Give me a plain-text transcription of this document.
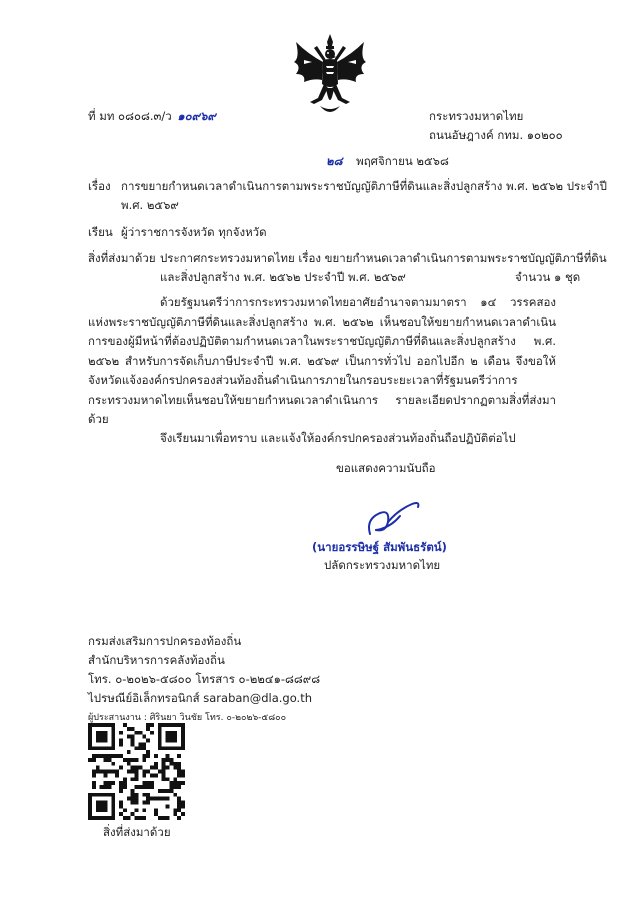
ที่ มท ๐๘๐๘.๓/ว ๑๐๙๖๙	กระทรวงมหาดไทย
ถนนอัษฎางค์ กทม. ๑๐๒๐๐
๒๘ พฤศจิกายน ๒๕๖๘
เรื่อง การขยายกำหนดเวลาดำเนินการตามพระราชบัญญัติภาษีที่ดินและสิ่งปลูกสร้าง พ.ศ. ๒๕๖๒ ประจำปี
พ.ศ. ๒๕๖๙
เรียน ผู้ว่าราชการจังหวัด ทุกจังหวัด
สิ่งที่ส่งมาด้วย ประกาศกระทรวงมหาดไทย เรื่อง ขยายกำหนดเวลาดำเนินการตามพระราชบัญญัติภาษีที่ดิน
และสิ่งปลูกสร้าง พ.ศ. ๒๕๖๒ ประจำปี พ.ศ. ๒๕๖๙	จำนวน ๑ ชุด
ด้วยรัฐมนตรีว่าการกระทรวงมหาดไทยอาศัยอำนาจตามมาตรา ๑๔ วรรคสอง แห่งพระราชบัญญัติภาษีที่ดินและสิ่งปลูกสร้าง พ.ศ. ๒๕๖๒ เห็นชอบให้ขยายกำหนดเวลาดำเนินการของผู้มีหน้าที่ต้องปฏิบัติตามกำหนดเวลาในพระราชบัญญัติภาษีที่ดินและสิ่งปลูกสร้าง พ.ศ. ๒๕๖๒ สำหรับการจัดเก็บภาษีประจำปี พ.ศ. ๒๕๖๙ เป็นการทั่วไป ออกไปอีก ๒ เดือน จึงขอให้จังหวัดแจ้งองค์กรปกครองส่วนท้องถิ่นดำเนินการภายในกรอบระยะเวลาที่รัฐมนตรีว่าการกระทรวงมหาดไทยเห็นชอบให้ขยายกำหนดเวลาดำเนินการ รายละเอียดปรากฏตามสิ่งที่ส่งมาด้วย
จึงเรียนมาเพื่อทราบ และแจ้งให้องค์กรปกครองส่วนท้องถิ่นถือปฏิบัติต่อไป
ขอแสดงความนับถือ
(นายอรรษิษฐ์ สัมพันธรัตน์)
ปลัดกระทรวงมหาดไทย
กรมส่งเสริมการปกครองท้องถิ่น
สำนักบริหารการคลังท้องถิ่น
โทร. ๐-๒๐๒๖-๕๘๐๐ โทรสาร ๐-๒๒๔๑-๘๘๙๘
ไปรษณีย์อิเล็กทรอนิกส์ saraban@dla.go.th
ผู้ประสานงาน : ศิรินยา วินชัย โทร. ๐-๒๐๒๖-๕๘๐๐
สิ่งที่ส่งมาด้วย
